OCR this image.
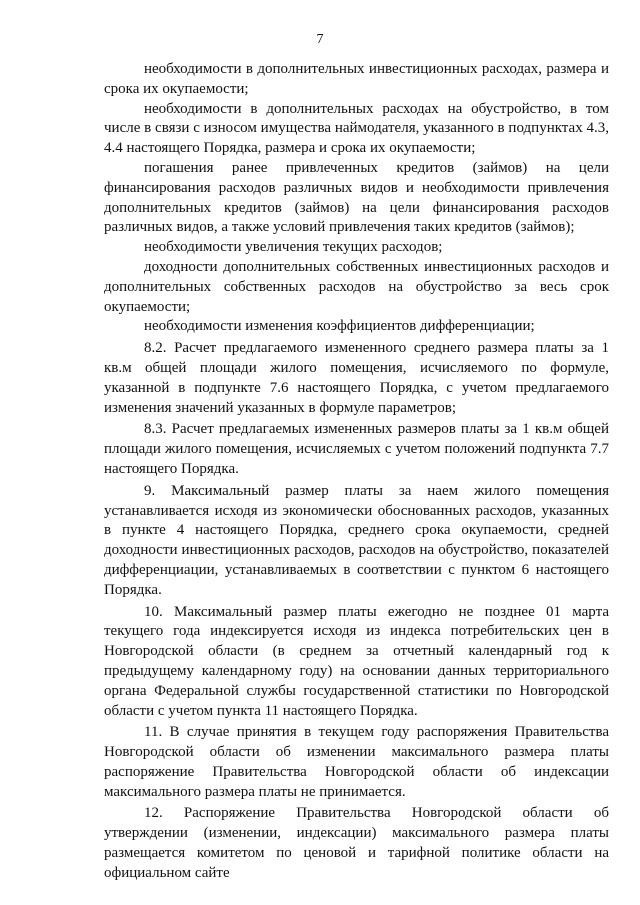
7

необходимости в дополнительных инвестиционных расходах, размера и срока их окупаемости;

необходимости в дополнительных расходах на обустройство, в том числе в связи с износом имущества наймодателя, указанного в подпунктах 4.3, 4.4 настоящего Порядка, размера и срока их окупаемости;

погашения ранее привлеченных кредитов (займов) на цели финансирования расходов различных видов и необходимости привлечения дополнительных кредитов (займов) на цели финансирования расходов различных видов, а также условий привлечения таких кредитов (займов);

необходимости увеличения текущих расходов;

доходности дополнительных собственных инвестиционных расходов и дополнительных собственных расходов на обустройство за весь срок окупаемости;

необходимости изменения коэффициентов дифференциации;

8.2. Расчет предлагаемого измененного среднего размера платы за 1 кв.м общей площади жилого помещения, исчисляемого по формуле, указанной в подпункте 7.6 настоящего Порядка, с учетом предлагаемого изменения значений указанных в формуле параметров;

8.3. Расчет предлагаемых измененных размеров платы за 1 кв.м общей площади жилого помещения, исчисляемых с учетом положений подпункта 7.7 настоящего Порядка.

9. Максимальный размер платы за наем жилого помещения устанавливается исходя из экономически обоснованных расходов, указанных в пункте 4 настоящего Порядка, среднего срока окупаемости, средней доходности инвестиционных расходов, расходов на обустройство, показателей дифференциации, устанавливаемых в соответствии с пунктом 6 настоящего Порядка.

10. Максимальный размер платы ежегодно не позднее 01 марта текущего года индексируется исходя из индекса потребительских цен в Новгородской области (в среднем за отчетный календарный год к предыдущему календарному году) на основании данных территориального органа Федеральной службы государственной статистики по Новгородской области с учетом пункта 11 настоящего Порядка.

11. В случае принятия в текущем году распоряжения Правительства Новгородской области об изменении максимального размера платы распоряжение Правительства Новгородской области об индексации максимального размера платы не принимается.

12. Распоряжение Правительства Новгородской области об утверждении (изменении, индексации) максимального размера платы размещается комитетом по ценовой и тарифной политике области на официальном сайте
